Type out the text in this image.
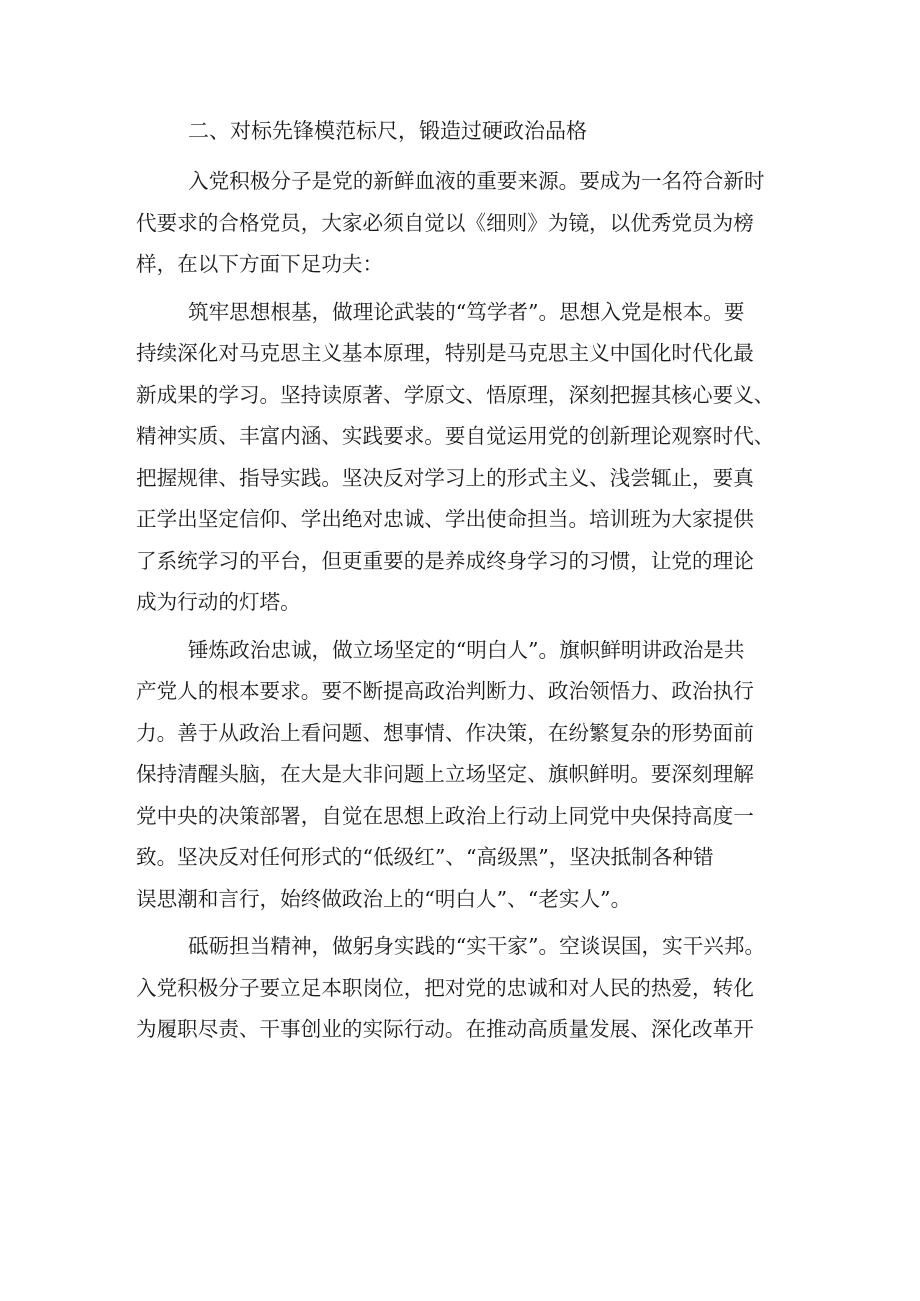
二、对标先锋模范标尺，锻造过硬政治品格
入党积极分子是党的新鲜血液的重要来源。要成为一名符合新时
代要求的合格党员，大家必须自觉以《细则》为镜，以优秀党员为榜
样，在以下方面下足功夫：
筑牢思想根基，做理论武装的“笃学者”。思想入党是根本。要
持续深化对马克思主义基本原理，特别是马克思主义中国化时代化最
新成果的学习。坚持读原著、学原文、悟原理，深刻把握其核心要义、
精神实质、丰富内涵、实践要求。要自觉运用党的创新理论观察时代、
把握规律、指导实践。坚决反对学习上的形式主义、浅尝辄止，要真
正学出坚定信仰、学出绝对忠诚、学出使命担当。培训班为大家提供
了系统学习的平台，但更重要的是养成终身学习的习惯，让党的理论
成为行动的灯塔。
锤炼政治忠诚，做立场坚定的“明白人”。旗帜鲜明讲政治是共
产党人的根本要求。要不断提高政治判断力、政治领悟力、政治执行
力。善于从政治上看问题、想事情、作决策，在纷繁复杂的形势面前
保持清醒头脑，在大是大非问题上立场坚定、旗帜鲜明。要深刻理解
党中央的决策部署，自觉在思想上政治上行动上同党中央保持高度一
致。坚决反对任何形式的“低级红”、“高级黑”，坚决抵制各种错
误思潮和言行，始终做政治上的“明白人”、“老实人”。
砥砺担当精神，做躬身实践的“实干家”。空谈误国，实干兴邦。
入党积极分子要立足本职岗位，把对党的忠诚和对人民的热爱，转化
为履职尽责、干事创业的实际行动。在推动高质量发展、深化改革开
